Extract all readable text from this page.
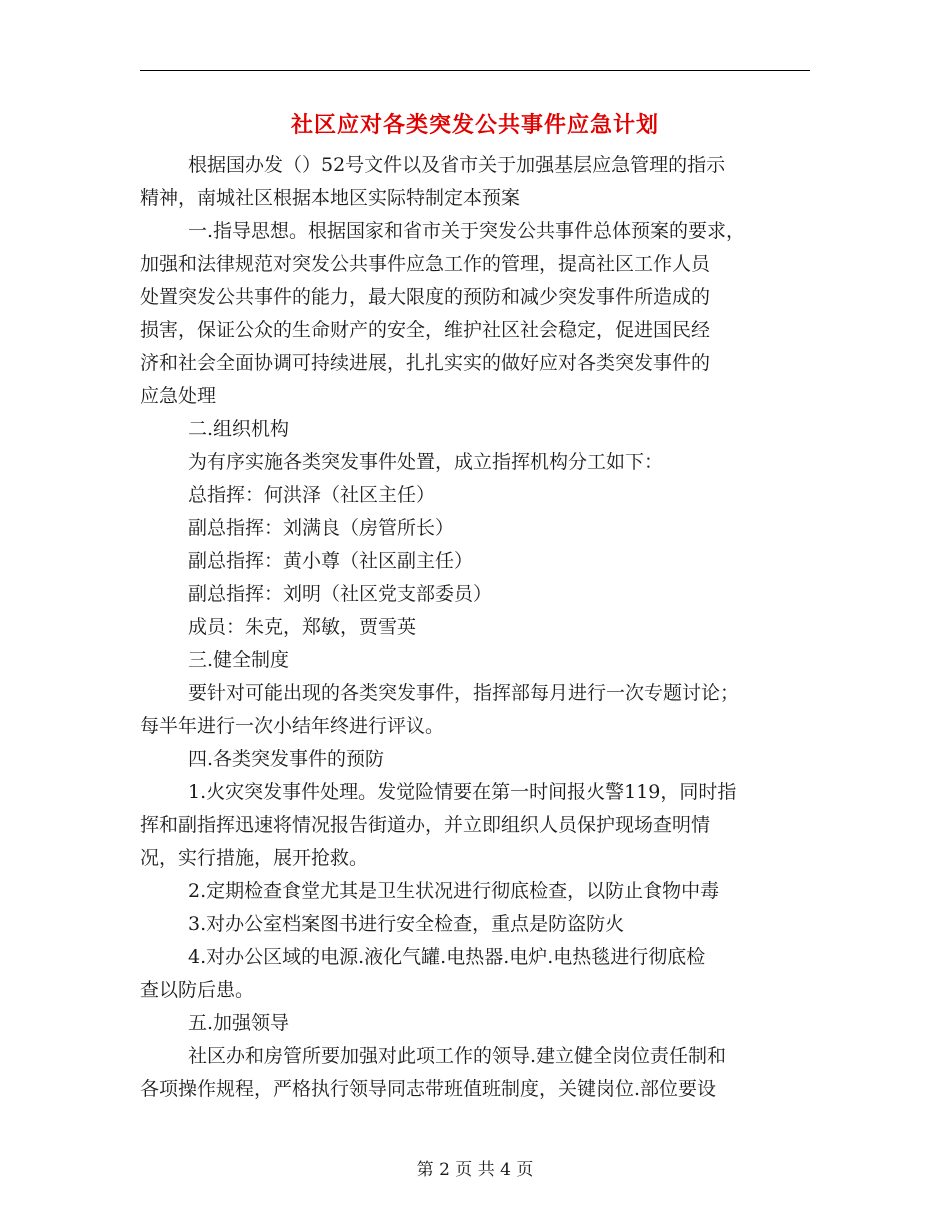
社区应对各类突发公共事件应急计划
根据国办发（）52号文件以及省市关于加强基层应急管理的指示
精神，南城社区根据本地区实际特制定本预案
一.指导思想。根据国家和省市关于突发公共事件总体预案的要求，
加强和法律规范对突发公共事件应急工作的管理，提高社区工作人员
处置突发公共事件的能力，最大限度的预防和减少突发事件所造成的
损害，保证公众的生命财产的安全，维护社区社会稳定，促进国民经
济和社会全面协调可持续进展，扎扎实实的做好应对各类突发事件的
应急处理
二.组织机构
为有序实施各类突发事件处置，成立指挥机构分工如下：
总指挥：何洪泽（社区主任）
副总指挥：刘满良（房管所长）
副总指挥：黄小尊（社区副主任）
副总指挥：刘明（社区党支部委员）
成员：朱克，郑敏，贾雪英
三.健全制度
要针对可能出现的各类突发事件，指挥部每月进行一次专题讨论；
每半年进行一次小结年终进行评议。
四.各类突发事件的预防
1.火灾突发事件处理。发觉险情要在第一时间报火警119，同时指
挥和副指挥迅速将情况报告街道办，并立即组织人员保护现场查明情
况，实行措施，展开抢救。
2.定期检查食堂尤其是卫生状况进行彻底检查，以防止食物中毒
3.对办公室档案图书进行安全检查，重点是防盗防火
4.对办公区域的电源.液化气罐.电热器.电炉.电热毯进行彻底检
查以防后患。
五.加强领导
社区办和房管所要加强对此项工作的领导.建立健全岗位责任制和
各项操作规程，严格执行领导同志带班值班制度，关键岗位.部位要设
第 2 页 共 4 页
